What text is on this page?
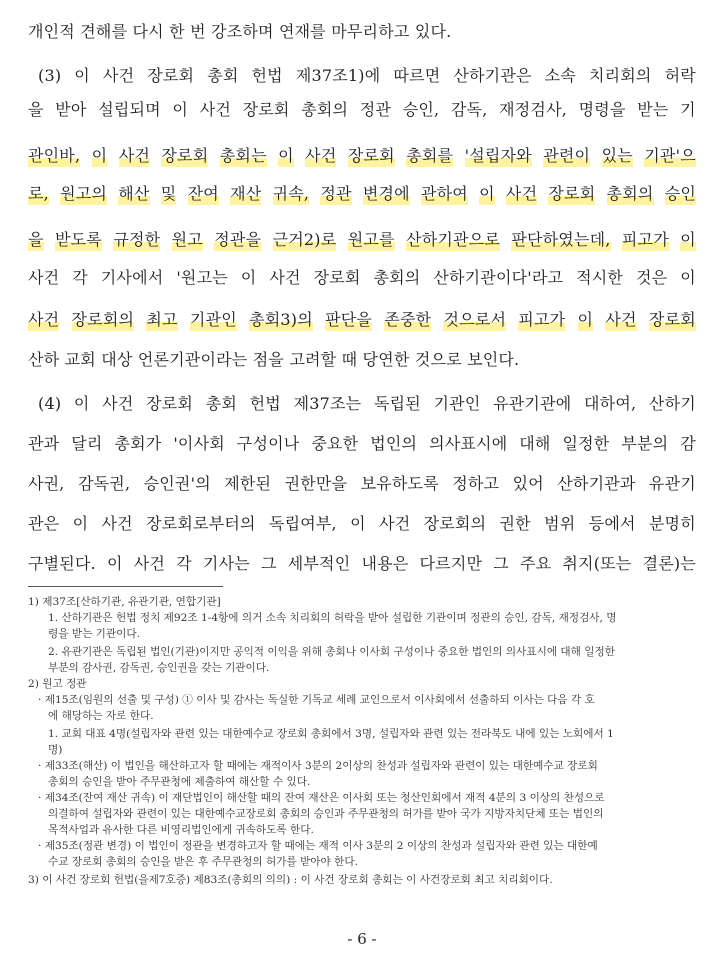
개인적 견해를 다시 한 번 강조하며 연재를 마무리하고 있다.
(3) 이 사건 장로회 총회 헌법 제37조1)에 따르면 산하기관은 소속 치리회의 허락
을 받아 설립되며 이 사건 장로회 총회의 정관 승인, 감독, 재정검사, 명령을 받는 기
관인바, 이 사건 장로회 총회는 이 사건 장로회 총회를 '설립자와 관련이 있는 기관'으
로, 원고의 해산 및 잔여 재산 귀속, 정관 변경에 관하여 이 사건 장로회 총회의 승인
을 받도록 규정한 원고 정관을 근거2)로 원고를 산하기관으로 판단하였는데, 피고가 이
사건 각 기사에서 '원고는 이 사건 장로회 총회의 산하기관이다'라고 적시한 것은 이
사건 장로회의 최고 기관인 총회3)의 판단을 존중한 것으로서 피고가 이 사건 장로회
산하 교회 대상 언론기관이라는 점을 고려할 때 당연한 것으로 보인다.
(4) 이 사건 장로회 총회 헌법 제37조는 독립된 기관인 유관기관에 대하여, 산하기
관과 달리 총회가 '이사회 구성이나 중요한 법인의 의사표시에 대해 일정한 부분의 감
사권, 감독권, 승인권'의 제한된 권한만을 보유하도록 정하고 있어 산하기관과 유관기
관은 이 사건 장로회로부터의 독립여부, 이 사건 장로회의 권한 범위 등에서 분명히
구별된다. 이 사건 각 기사는 그 세부적인 내용은 다르지만 그 주요 취지(또는 결론)는
1) 제37조[산하기관, 유관기관, 연합기관]
1. 산하기관은 헌법 정치 제92조 1-4항에 의거 소속 치리회의 허락을 받아 설립한 기관이며 정관의 승인, 감독, 재정검사, 명
령을 받는 기관이다.
2. 유관기관은 독립된 법인(기관)이지만 공익적 이익을 위해 총회나 이사회 구성이나 중요한 법인의 의사표시에 대해 일정한
부분의 감사권, 감독권, 승인권을 갖는 기관이다.
2) 원고 정관
· 제15조(임원의 선출 및 구성) ① 이사 및 감사는 독실한 기독교 세례 교인으로서 이사회에서 선출하되 이사는 다음 각 호
에 해당하는 자로 한다.
1. 교회 대표 4명(설립자와 관련 있는 대한예수교 장로회 총회에서 3명, 설립자와 관련 있는 전라북도 내에 있는 노회에서 1
명)
· 제33조(해산) 이 법인을 해산하고자 할 때에는 재적이사 3분의 2이상의 찬성과 설립자와 관련이 있는 대한예수교 장로회
총회의 승인을 받아 주무관청에 제출하여 해산할 수 있다.
· 제34조(잔여 재산 귀속) 이 재단법인이 해산할 때의 잔여 재산은 이사회 또는 청산인회에서 재적 4분의 3 이상의 찬성으로
의결하여 설립자와 관련이 있는 대한예수교장로회 총회의 승인과 주무관청의 허가를 받아 국가 지방자치단체 또는 법인의
목적사업과 유사한 다른 비영리법인에게 귀속하도록 한다.
· 제35조(정관 변경) 이 법인이 정관을 변경하고자 할 때에는 재적 이사 3분의 2 이상의 찬성과 설립자와 관련 있는 대한예
수교 장로회 총회의 승인을 받은 후 주무관청의 허가를 받아야 한다.
3) 이 사건 장로회 헌법(을제7호증) 제83조(총회의 의의) : 이 사건 장로회 총회는 이 사건장로회 최고 치리회이다.
- 6 -
